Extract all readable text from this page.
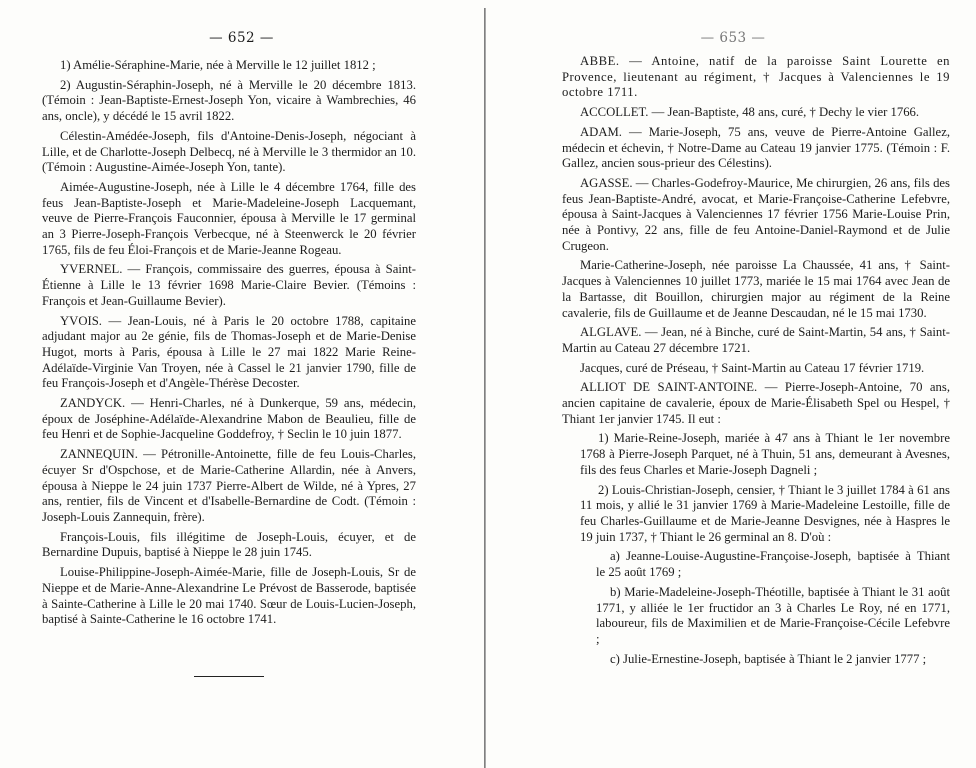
— 652 —

1) Amélie-Séraphine-Marie, née à Merville le 12 juillet 1812 ;

2) Augustin-Séraphin-Joseph, né à Merville le 20 décembre 1813. (Témoin : Jean-Baptiste-Ernest-Joseph Yon, vicaire à Wambrechies, 46 ans, oncle), y décédé le 15 avril 1822.

Célestin-Amédée-Joseph, fils d'Antoine-Denis-Joseph, négociant à Lille, et de Charlotte-Joseph Delbecq, né à Merville le 3 thermidor an 10. (Témoin : Augustine-Aimée-Joseph Yon, tante).

Aimée-Augustine-Joseph, née à Lille le 4 décembre 1764, fille des feus Jean-Baptiste-Joseph et Marie-Madeleine-Joseph Lacquemant, veuve de Pierre-François Fauconnier, épousa à Merville le 17 germinal an 3 Pierre-Joseph-François Verbecque, né à Steenwerck le 20 février 1765, fils de feu Éloi-François et de Marie-Jeanne Rogeau.

YVERNEL. — François, commissaire des guerres, épousa à Saint-Étienne à Lille le 13 février 1698 Marie-Claire Bevier. (Témoins : François et Jean-Guillaume Bevier).

YVOIS. — Jean-Louis, né à Paris le 20 octobre 1788, capitaine adjudant major au 2e génie, fils de Thomas-Joseph et de Marie-Denise Hugot, morts à Paris, épousa à Lille le 27 mai 1822 Marie Reine-Adélaïde-Virginie Van Troyen, née à Cassel le 21 janvier 1790, fille de feu François-Joseph et d'Angèle-Thérèse Decoster.

ZANDYCK. — Henri-Charles, né à Dunkerque, 59 ans, médecin, époux de Joséphine-Adélaïde-Alexandrine Mabon de Beaulieu, fille de feu Henri et de Sophie-Jacqueline Goddefroy, † Seclin le 10 juin 1877.

ZANNEQUIN. — Pétronille-Antoinette, fille de feu Louis-Charles, écuyer Sr d'Ospchose, et de Marie-Catherine Allardin, née à Anvers, épousa à Nieppe le 24 juin 1737 Pierre-Albert de Wilde, né à Ypres, 27 ans, rentier, fils de Vincent et d'Isabelle-Bernardine de Codt. (Témoin : Joseph-Louis Zannequin, frère).

François-Louis, fils illégitime de Joseph-Louis, écuyer, et de Bernardine Dupuis, baptisé à Nieppe le 28 juin 1745.

Louise-Philippine-Joseph-Aimée-Marie, fille de Joseph-Louis, Sr de Nieppe et de Marie-Anne-Alexandrine Le Prévost de Basserode, baptisée à Sainte-Catherine à Lille le 20 mai 1740. Sœur de Louis-Lucien-Joseph, baptisé à Sainte-Catherine le 16 octobre 1741.

— 653 —

ABBE. — Antoine, natif de la paroisse Saint Lourette en Provence, lieutenant au régiment, † Jacques à Valenciennes le 19 octobre 1711.

ACCOLLET. — Jean-Baptiste, 48 ans, curé, † Dechy le vier 1766.

ADAM. — Marie-Joseph, 75 ans, veuve de Pierre-Antoine Gallez, médecin et échevin, † Notre-Dame au Cateau 19 janvier 1775. (Témoin : F. Gallez, ancien sous-prieur des Célestins).

AGASSE. — Charles-Godefroy-Maurice, Me chirurgien, 26 ans, fils des feus Jean-Baptiste-André, avocat, et Marie-Françoise-Catherine Lefebvre, épousa à Saint-Jacques à Valenciennes 17 février 1756 Marie-Louise Prin, née à Pontivy, 22 ans, fille de feu Antoine-Daniel-Raymond et de Julie Crugeon.

Marie-Catherine-Joseph, née paroisse La Chaussée, 41 ans, † Saint-Jacques à Valenciennes 10 juillet 1773, mariée le 15 mai 1764 avec Jean de la Bartasse, dit Bouillon, chirurgien major au régiment de la Reine cavalerie, fils de Guillaume et de Jeanne Descaudan, né le 15 mai 1730.

ALGLAVE. — Jean, né à Binche, curé de Saint-Martin, 54 ans, † Saint-Martin au Cateau 27 décembre 1721.

Jacques, curé de Préseau, † Saint-Martin au Cateau 17 février 1719.

ALLIOT DE SAINT-ANTOINE. — Pierre-Joseph-Antoine, 70 ans, ancien capitaine de cavalerie, époux de Marie-Élisabeth Spel ou Hespel, † Thiant 1er janvier 1745. Il eut :

1) Marie-Reine-Joseph, mariée à 47 ans à Thiant le 1er novembre 1768 à Pierre-Joseph Parquet, né à Thuin, 51 ans, demeurant à Avesnes, fils des feus Charles et Marie-Joseph Dagneli ;

2) Louis-Christian-Joseph, censier, † Thiant le 3 juillet 1784 à 61 ans 11 mois, y allié le 31 janvier 1769 à Marie-Madeleine Lestoille, fille de feu Charles-Guillaume et de Marie-Jeanne Desvignes, née à Haspres le 19 juin 1737, † Thiant le 26 germinal an 8. D'où :

a) Jeanne-Louise-Augustine-Françoise-Joseph, baptisée à Thiant le 25 août 1769 ;

b) Marie-Madeleine-Joseph-Théotille, baptisée à Thiant le 31 août 1771, y alliée le 1er fructidor an 3 à Charles Le Roy, né en 1771, laboureur, fils de Maximilien et de Marie-Françoise-Cécile Lefebvre ;

c) Julie-Ernestine-Joseph, baptisée à Thiant le 2 janvier 1777 ;
